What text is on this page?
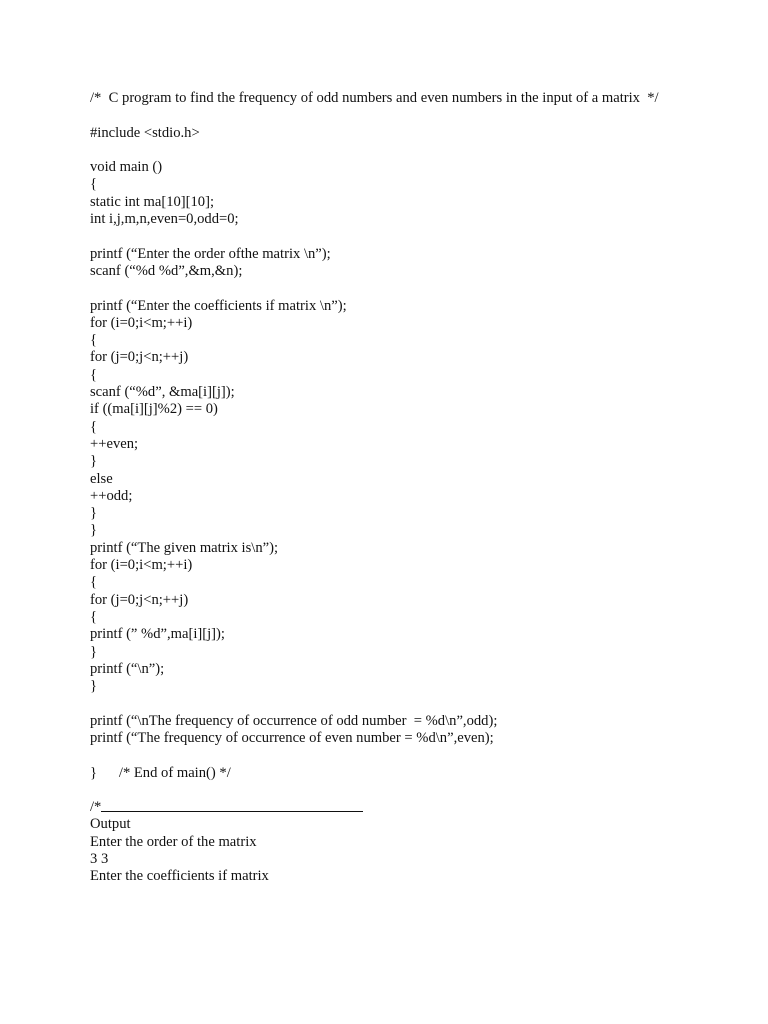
/*  C program to find the frequency of odd numbers and even numbers in the input of a matrix  */
#include <stdio.h>
void main ()
{
static int ma[10][10];
int i,j,m,n,even=0,odd=0;
printf (“Enter the order ofthe matrix \n”);
scanf (“%d %d”,&m,&n);
printf (“Enter the coefficients if matrix \n”);
for (i=0;i<m;++i)
{
for (j=0;j<n;++j)
{
scanf (“%d”, &ma[i][j]);
if ((ma[i][j]%2) == 0)
{
++even;
}
else
++odd;
}
}
printf (“The given matrix is\n”);
for (i=0;i<m;++i)
{
for (j=0;j<n;++j)
{
printf (” %d”,ma[i][j]);
}
printf (“\n”);
}
printf (“\nThe frequency of occurrence of odd number  = %d\n”,odd);
printf (“The frequency of occurrence of even number = %d\n”,even);
}      /* End of main() */
/*
Output
Enter the order of the matrix
3 3
Enter the coefficients if matrix
